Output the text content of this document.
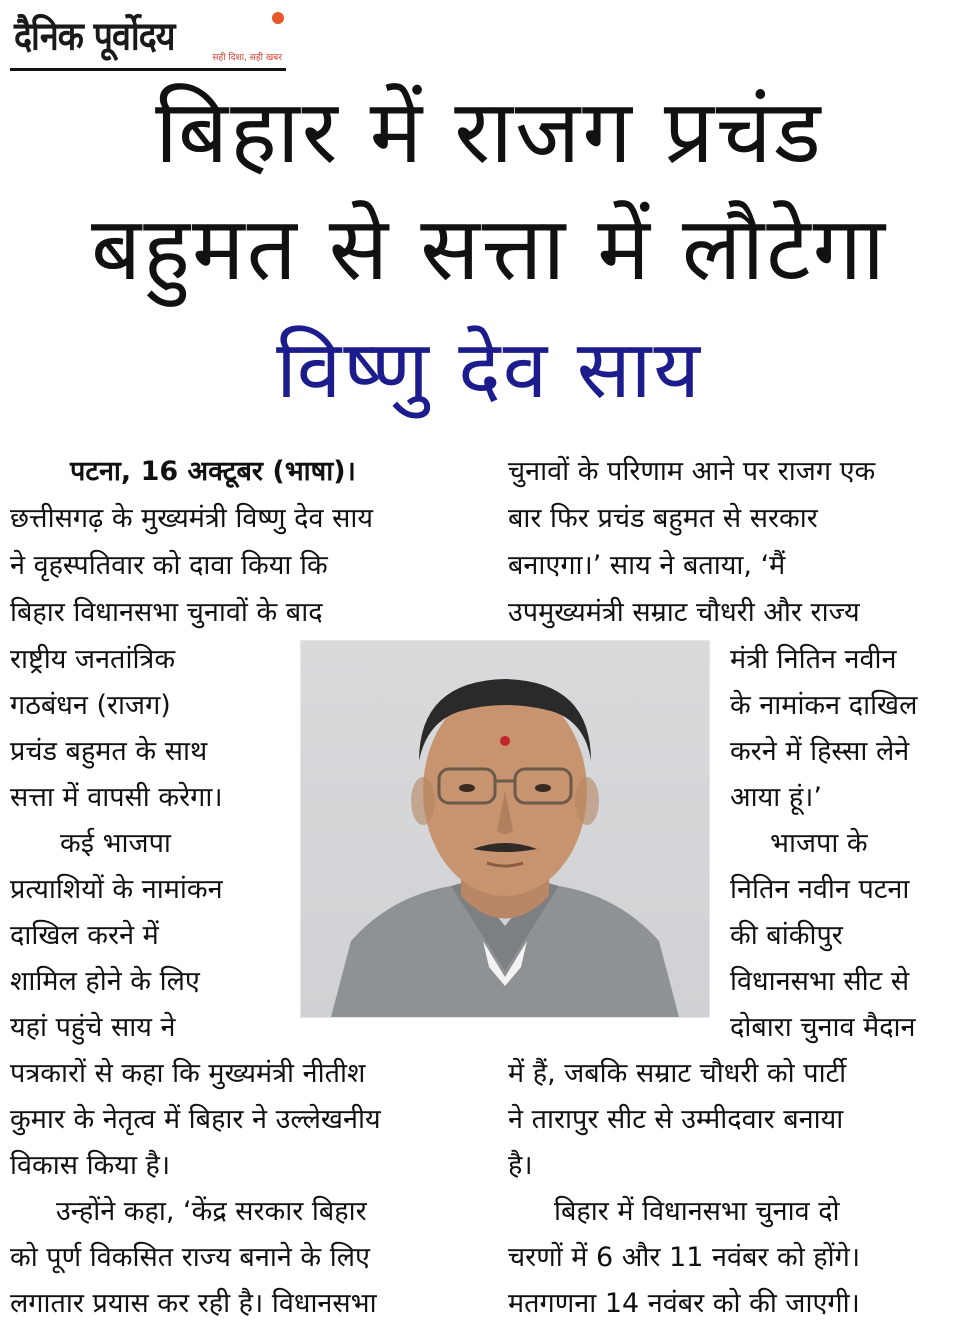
दैनिक पूर्वोदय	सही दिशा, सही खबर
बिहार में राजग प्रचंड
बहुमत से सत्ता में लौटेगा
विष्णु देव साय
पटना, 16 अक्टूबर (भाषा)।
छत्तीसगढ़ के मुख्यमंत्री विष्णु देव साय
ने वृहस्पतिवार को दावा किया कि
बिहार विधानसभा चुनावों के बाद
राष्ट्रीय जनतांत्रिक
गठबंधन (राजग)
प्रचंड बहुमत के साथ
सत्ता में वापसी करेगा।
कई भाजपा
प्रत्याशियों के नामांकन
दाखिल करने में
शामिल होने के लिए
यहां पहुंचे साय ने
पत्रकारों से कहा कि मुख्यमंत्री नीतीश
कुमार के नेतृत्व में बिहार ने उल्लेखनीय
विकास किया है।
उन्होंने कहा, ‘केंद्र सरकार बिहार
को पूर्ण विकसित राज्य बनाने के लिए
लगातार प्रयास कर रही है। विधानसभा
चुनावों के परिणाम आने पर राजग एक
बार फिर प्रचंड बहुमत से सरकार
बनाएगा।’ साय ने बताया, ‘मैं
उपमुख्यमंत्री सम्राट चौधरी और राज्य
मंत्री नितिन नवीन
के नामांकन दाखिल
करने में हिस्सा लेने
आया हूं।’
भाजपा के
नितिन नवीन पटना
की बांकीपुर
विधानसभा सीट से
दोबारा चुनाव मैदान
में हैं, जबकि सम्राट चौधरी को पार्टी
ने तारापुर सीट से उम्मीदवार बनाया
है।
बिहार में विधानसभा चुनाव दो
चरणों में 6 और 11 नवंबर को होंगे।
मतगणना 14 नवंबर को की जाएगी।
